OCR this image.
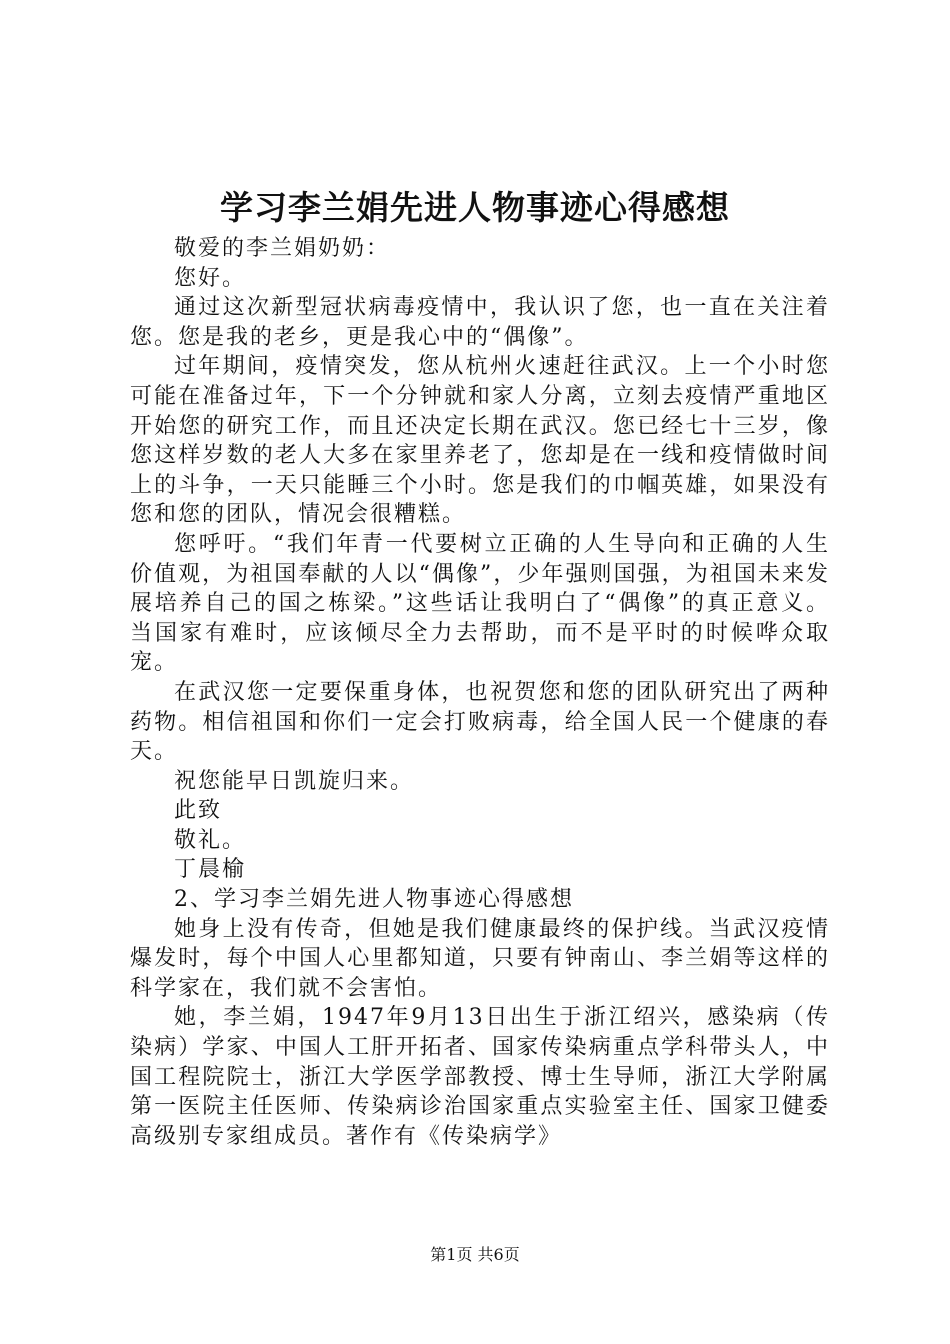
学习李兰娟先进人物事迹心得感想

敬爱的李兰娟奶奶：

您好。

通过这次新型冠状病毒疫情中，我认识了您，也一直在关注着您。您是我的老乡，更是我心中的“偶像”。

过年期间，疫情突发，您从杭州火速赶往武汉。上一个小时您可能在准备过年，下一个分钟就和家人分离，立刻去疫情严重地区开始您的研究工作，而且还决定长期在武汉。您已经七十三岁，像您这样岁数的老人大多在家里养老了，您却是在一线和疫情做时间上的斗争，一天只能睡三个小时。您是我们的巾帼英雄，如果没有您和您的团队，情况会很糟糕。

您呼吁。“我们年青一代要树立正确的人生导向和正确的人生价值观，为祖国奉献的人以“偶像”，少年强则国强，为祖国未来发展培养自己的国之栋梁。”这些话让我明白了“偶像”的真正意义。当国家有难时，应该倾尽全力去帮助，而不是平时的时候哗众取宠。

在武汉您一定要保重身体，也祝贺您和您的团队研究出了两种药物。相信祖国和你们一定会打败病毒，给全国人民一个健康的春天。

祝您能早日凯旋归来。

此致

敬礼。

丁晨榆

2、学习李兰娟先进人物事迹心得感想

她身上没有传奇，但她是我们健康最终的保护线。当武汉疫情爆发时，每个中国人心里都知道，只要有钟南山、李兰娟等这样的科学家在，我们就不会害怕。

她，李兰娟，1947年9月13日出生于浙江绍兴，感染病（传染病）学家、中国人工肝开拓者、国家传染病重点学科带头人，中国工程院院士，浙江大学医学部教授、博士生导师，浙江大学附属第一医院主任医师、传染病诊治国家重点实验室主任、国家卫健委高级别专家组成员。著作有《传染病学》

第1页 共6页
